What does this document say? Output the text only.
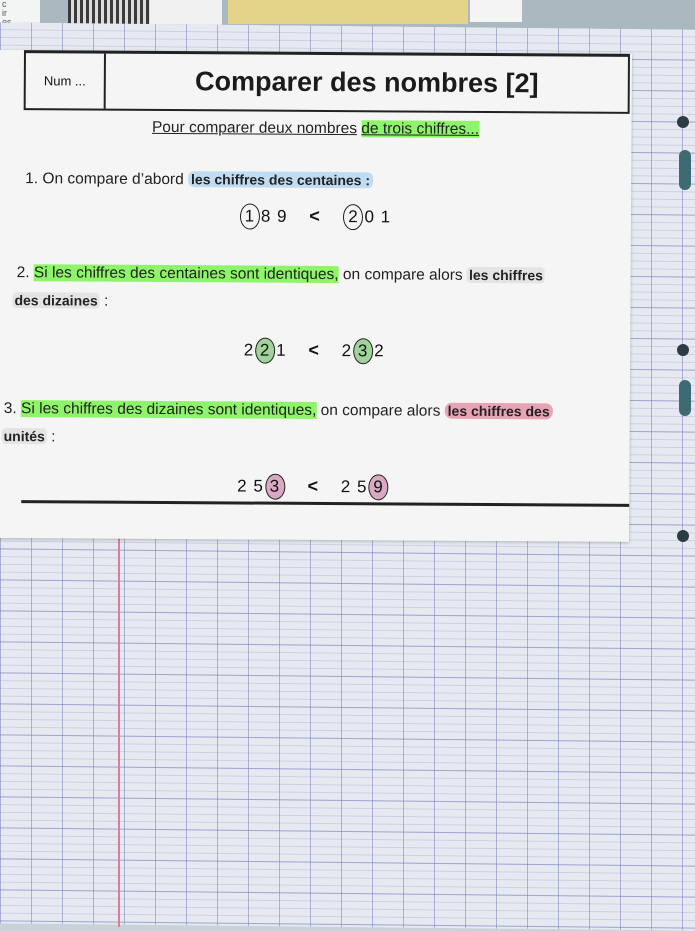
c
ir

Num ...	Comparer des nombres [2]
Pour comparer deux nombres de trois chiffres...
1. On compare d’abord les chiffres des centaines :
1 8 9 < 2 0 1
2. Si les chiffres des centaines sont identiques, on compare alors les chiffres
des dizaines :
2 2 1 < 2 3 2
3. Si les chiffres des dizaines sont identiques, on compare alors les chiffres des
unités :
2 5 3 < 2 5 9
